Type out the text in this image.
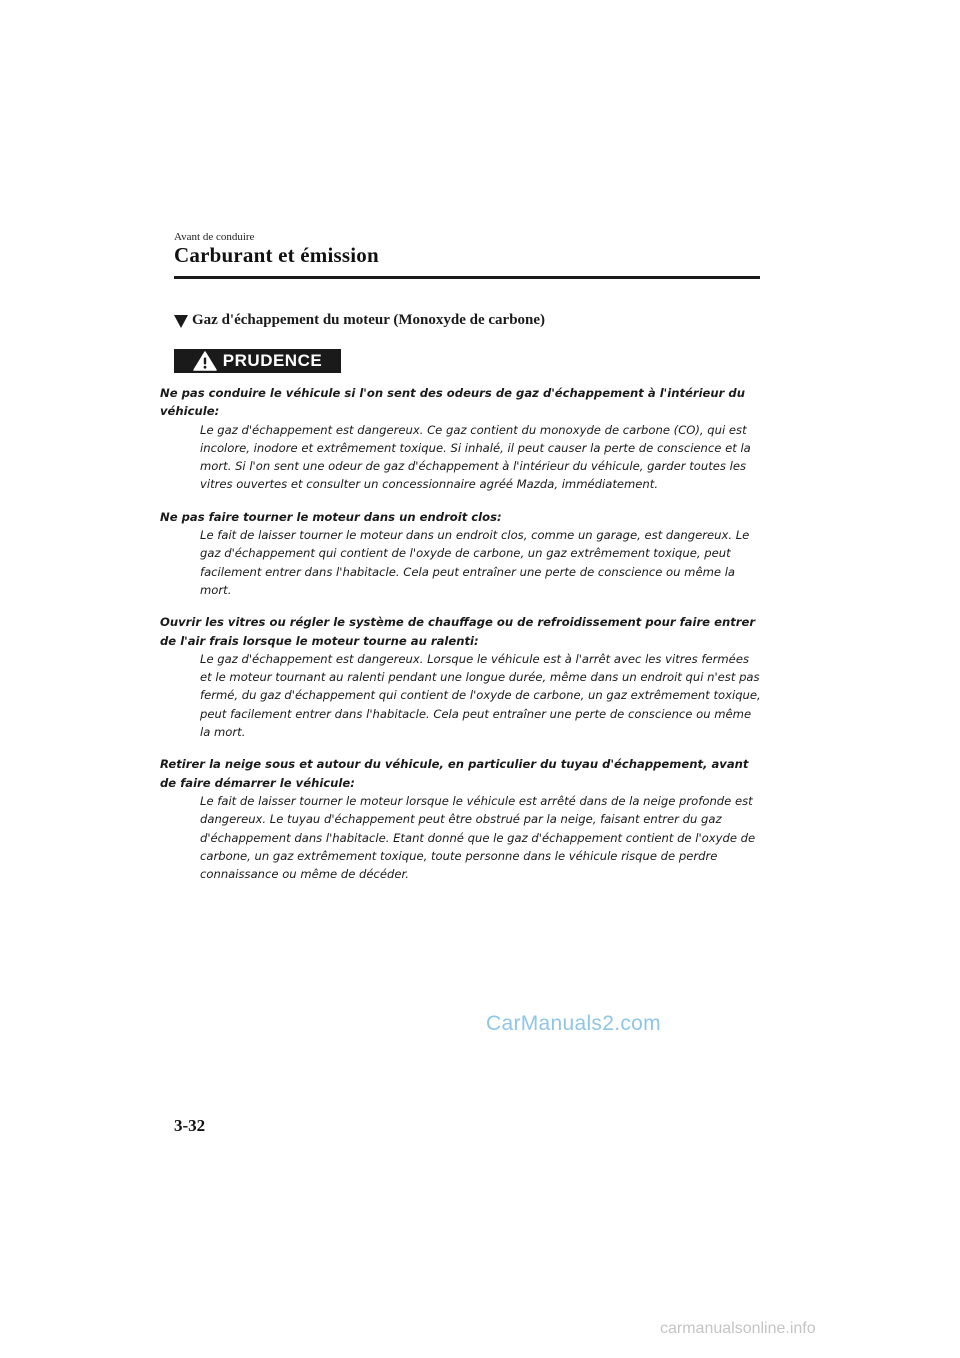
Avant de conduire
Carburant et émission
Gaz d'échappement du moteur (Monoxyde de carbone)
PRUDENCE
Ne pas conduire le véhicule si l'on sent des odeurs de gaz d'échappement à l'intérieur du véhicule:
Le gaz d'échappement est dangereux. Ce gaz contient du monoxyde de carbone (CO), qui est incolore, inodore et extrêmement toxique. Si inhalé, il peut causer la perte de conscience et la mort. Si l'on sent une odeur de gaz d'échappement à l'intérieur du véhicule, garder toutes les vitres ouvertes et consulter un concessionnaire agréé Mazda, immédiatement.
Ne pas faire tourner le moteur dans un endroit clos:
Le fait de laisser tourner le moteur dans un endroit clos, comme un garage, est dangereux. Le gaz d'échappement qui contient de l'oxyde de carbone, un gaz extrêmement toxique, peut facilement entrer dans l'habitacle. Cela peut entraîner une perte de conscience ou même la mort.
Ouvrir les vitres ou régler le système de chauffage ou de refroidissement pour faire entrer de l'air frais lorsque le moteur tourne au ralenti:
Le gaz d'échappement est dangereux. Lorsque le véhicule est à l'arrêt avec les vitres fermées et le moteur tournant au ralenti pendant une longue durée, même dans un endroit qui n'est pas fermé, du gaz d'échappement qui contient de l'oxyde de carbone, un gaz extrêmement toxique, peut facilement entrer dans l'habitacle. Cela peut entraîner une perte de conscience ou même la mort.
Retirer la neige sous et autour du véhicule, en particulier du tuyau d'échappement, avant de faire démarrer le véhicule:
Le fait de laisser tourner le moteur lorsque le véhicule est arrêté dans de la neige profonde est dangereux. Le tuyau d'échappement peut être obstrué par la neige, faisant entrer du gaz d'échappement dans l'habitacle. Etant donné que le gaz d'échappement contient de l'oxyde de carbone, un gaz extrêmement toxique, toute personne dans le véhicule risque de perdre connaissance ou même de décéder.
CarManuals2.com
3-32
carmanualsonline.info
